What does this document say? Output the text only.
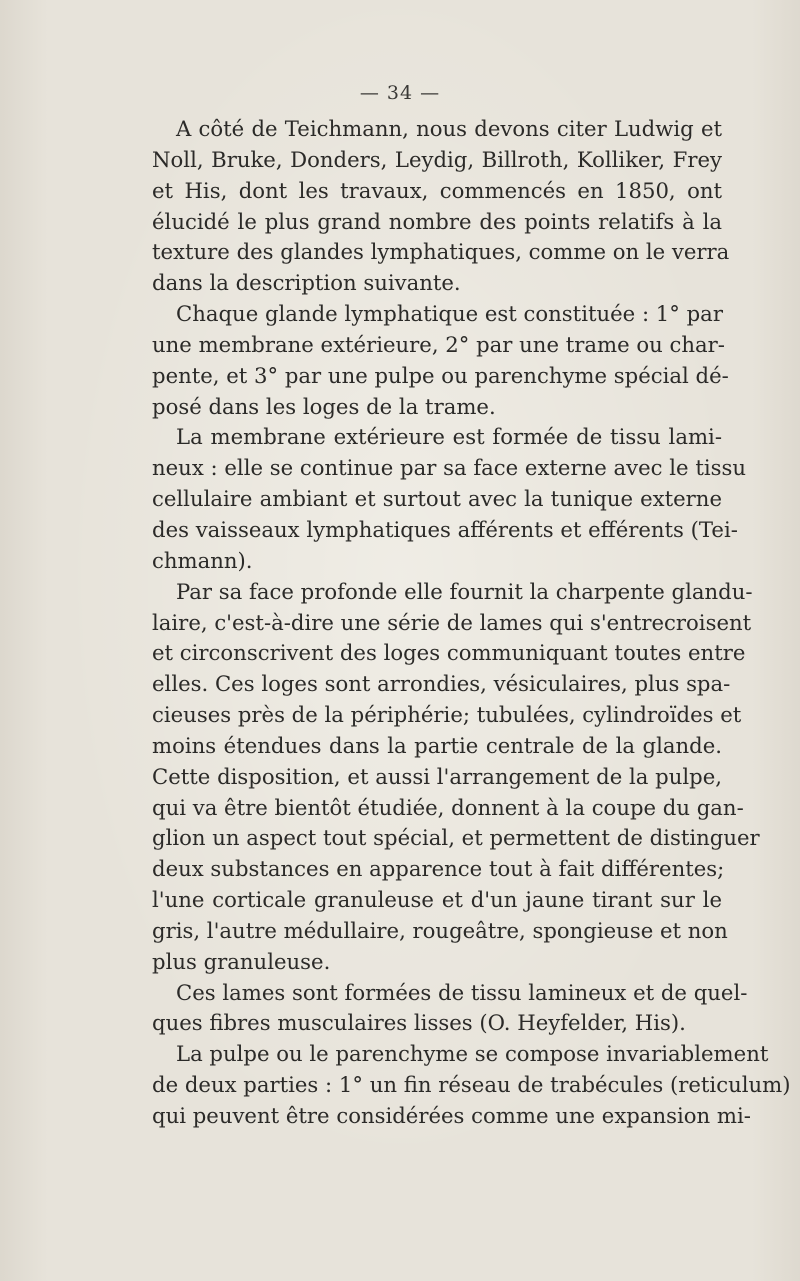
— 34 —
A côté de Teichmann, nous devons citer Ludwig et
Noll, Bruke, Donders, Leydig, Billroth, Kolliker, Frey
et His, dont les travaux, commencés en 1850, ont
élucidé le plus grand nombre des points relatifs à la
texture des glandes lymphatiques, comme on le verra
dans la description suivante.
Chaque glande lymphatique est constituée : 1° par
une membrane extérieure, 2° par une trame ou char-
pente, et 3° par une pulpe ou parenchyme spécial dé-
posé dans les loges de la trame.
La membrane extérieure est formée de tissu lami-
neux : elle se continue par sa face externe avec le tissu
cellulaire ambiant et surtout avec la tunique externe
des vaisseaux lymphatiques afférents et efférents (Tei-
chmann).
Par sa face profonde elle fournit la charpente glandu-
laire, c'est-à-dire une série de lames qui s'entrecroisent
et circonscrivent des loges communiquant toutes entre
elles. Ces loges sont arrondies, vésiculaires, plus spa-
cieuses près de la périphérie; tubulées, cylindroïdes et
moins étendues dans la partie centrale de la glande.
Cette disposition, et aussi l'arrangement de la pulpe,
qui va être bientôt étudiée, donnent à la coupe du gan-
glion un aspect tout spécial, et permettent de distinguer
deux substances en apparence tout à fait différentes;
l'une corticale granuleuse et d'un jaune tirant sur le
gris, l'autre médullaire, rougeâtre, spongieuse et non
plus granuleuse.
Ces lames sont formées de tissu lamineux et de quel-
ques fibres musculaires lisses (O. Heyfelder, His).
La pulpe ou le parenchyme se compose invariablement
de deux parties : 1° un fin réseau de trabécules (reticulum)
qui peuvent être considérées comme une expansion mi-
